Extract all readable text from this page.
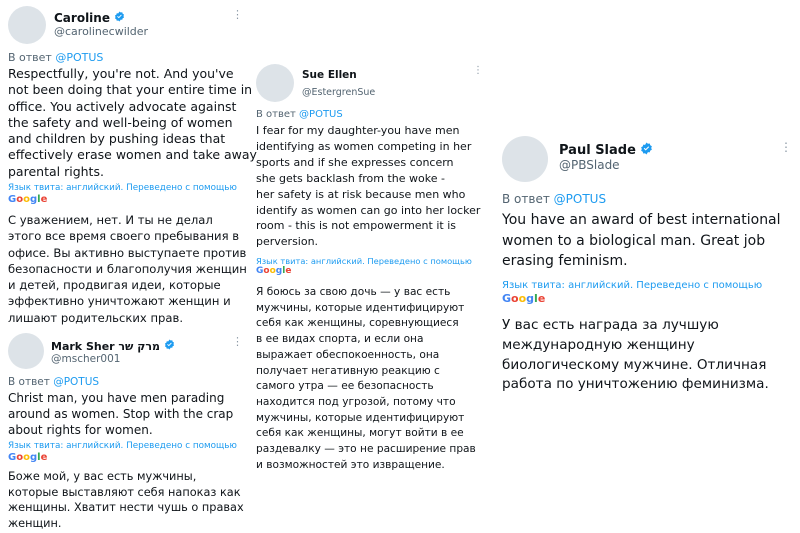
Caroline
@carolinecwilder
⋮
В ответ @POTUS
Respectfully, you're not. And you've
not been doing that your entire time in
office. You actively advocate against
the safety and well-being of women
and children by pushing ideas that
effectively erase women and take away
parental rights.
Язык твита: английский. Переведено с помощью
Google
С уважением, нет. И ты не делал
этого все время своего пребывания в
офисе. Вы активно выступаете против
безопасности и благополучия женщин
и детей, продвигая идеи, которые
эффективно уничтожают женщин и
лишают родительских прав.
Mark Sher מרק שר
@mscher001
⋮
В ответ @POTUS
Christ man, you have men parading
around as women. Stop with the crap
about rights for women.
Язык твита: английский. Переведено с помощью
Google
Боже мой, у вас есть мужчины,
которые выставляют себя напоказ как
женщины. Хватит нести чушь о правах
женщин.
Sue Ellen
@EstergrenSue
⋮
В ответ @POTUS
I fear for my daughter-you have men
identifying as women competing in her
sports and if she expresses concern
she gets backlash from the woke -
her safety is at risk because men who
identify as women can go into her locker
room - this is not empowerment it is
perversion.
Язык твита: английский. Переведено с помощью
Google
Я боюсь за свою дочь — у вас есть
мужчины, которые идентифицируют
себя как женщины, соревнующиеся
в ее видах спорта, и если она
выражает обеспокоенность, она
получает негативную реакцию с
самого утра — ее безопасность
находится под угрозой, потому что
мужчины, которые идентифицируют
себя как женщины, могут войти в ее
раздевалку — это не расширение прав
и возможностей это извращение.
Paul Slade
@PBSlade
⋮
В ответ @POTUS
You have an award of best international
women to a biological man. Great job
erasing feminism.
Язык твита: английский. Переведено с помощью
Google
У вас есть награда за лучшую
международную женщину
биологическому мужчине. Отличная
работа по уничтожению феминизма.
